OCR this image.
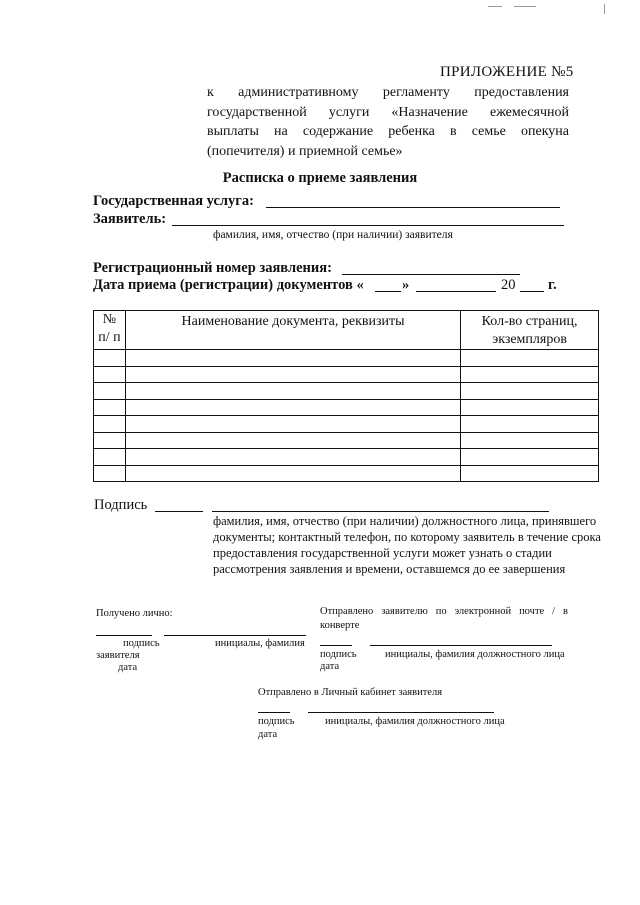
ПРИЛОЖЕНИЕ №5
к административному регламенту предоставления
государственной услуги «Назначение ежемесячной
выплаты на содержание ребенка в семье опекуна
(попечителя) и приемной семье»
Расписка о приеме заявления
Государственная услуга:
Заявитель:
фамилия, имя, отчество (при наличии) заявителя
Регистрационный номер заявления:
Дата приема (регистрации) документов «	»	20 г.
№ п/ п	Наименование документа, реквизиты	Кол-во страниц, экземпляров

Подпись
фамилия, имя, отчество (при наличии) должностного лица, принявшего документы; контактный телефон, по которому заявитель в течение срока предоставления государственной услуги может узнать о стадии рассмотрения заявления и времени, оставшемся до ее завершения
Получено лично:
подпись	инициалы, фамилия
заявителя
дата
Отправлено заявителю по электронной почте / в конверте
подпись	инициалы, фамилия должностного лица
дата
Отправлено в Личный кабинет заявителя
подпись	инициалы, фамилия должностного лица
дата
